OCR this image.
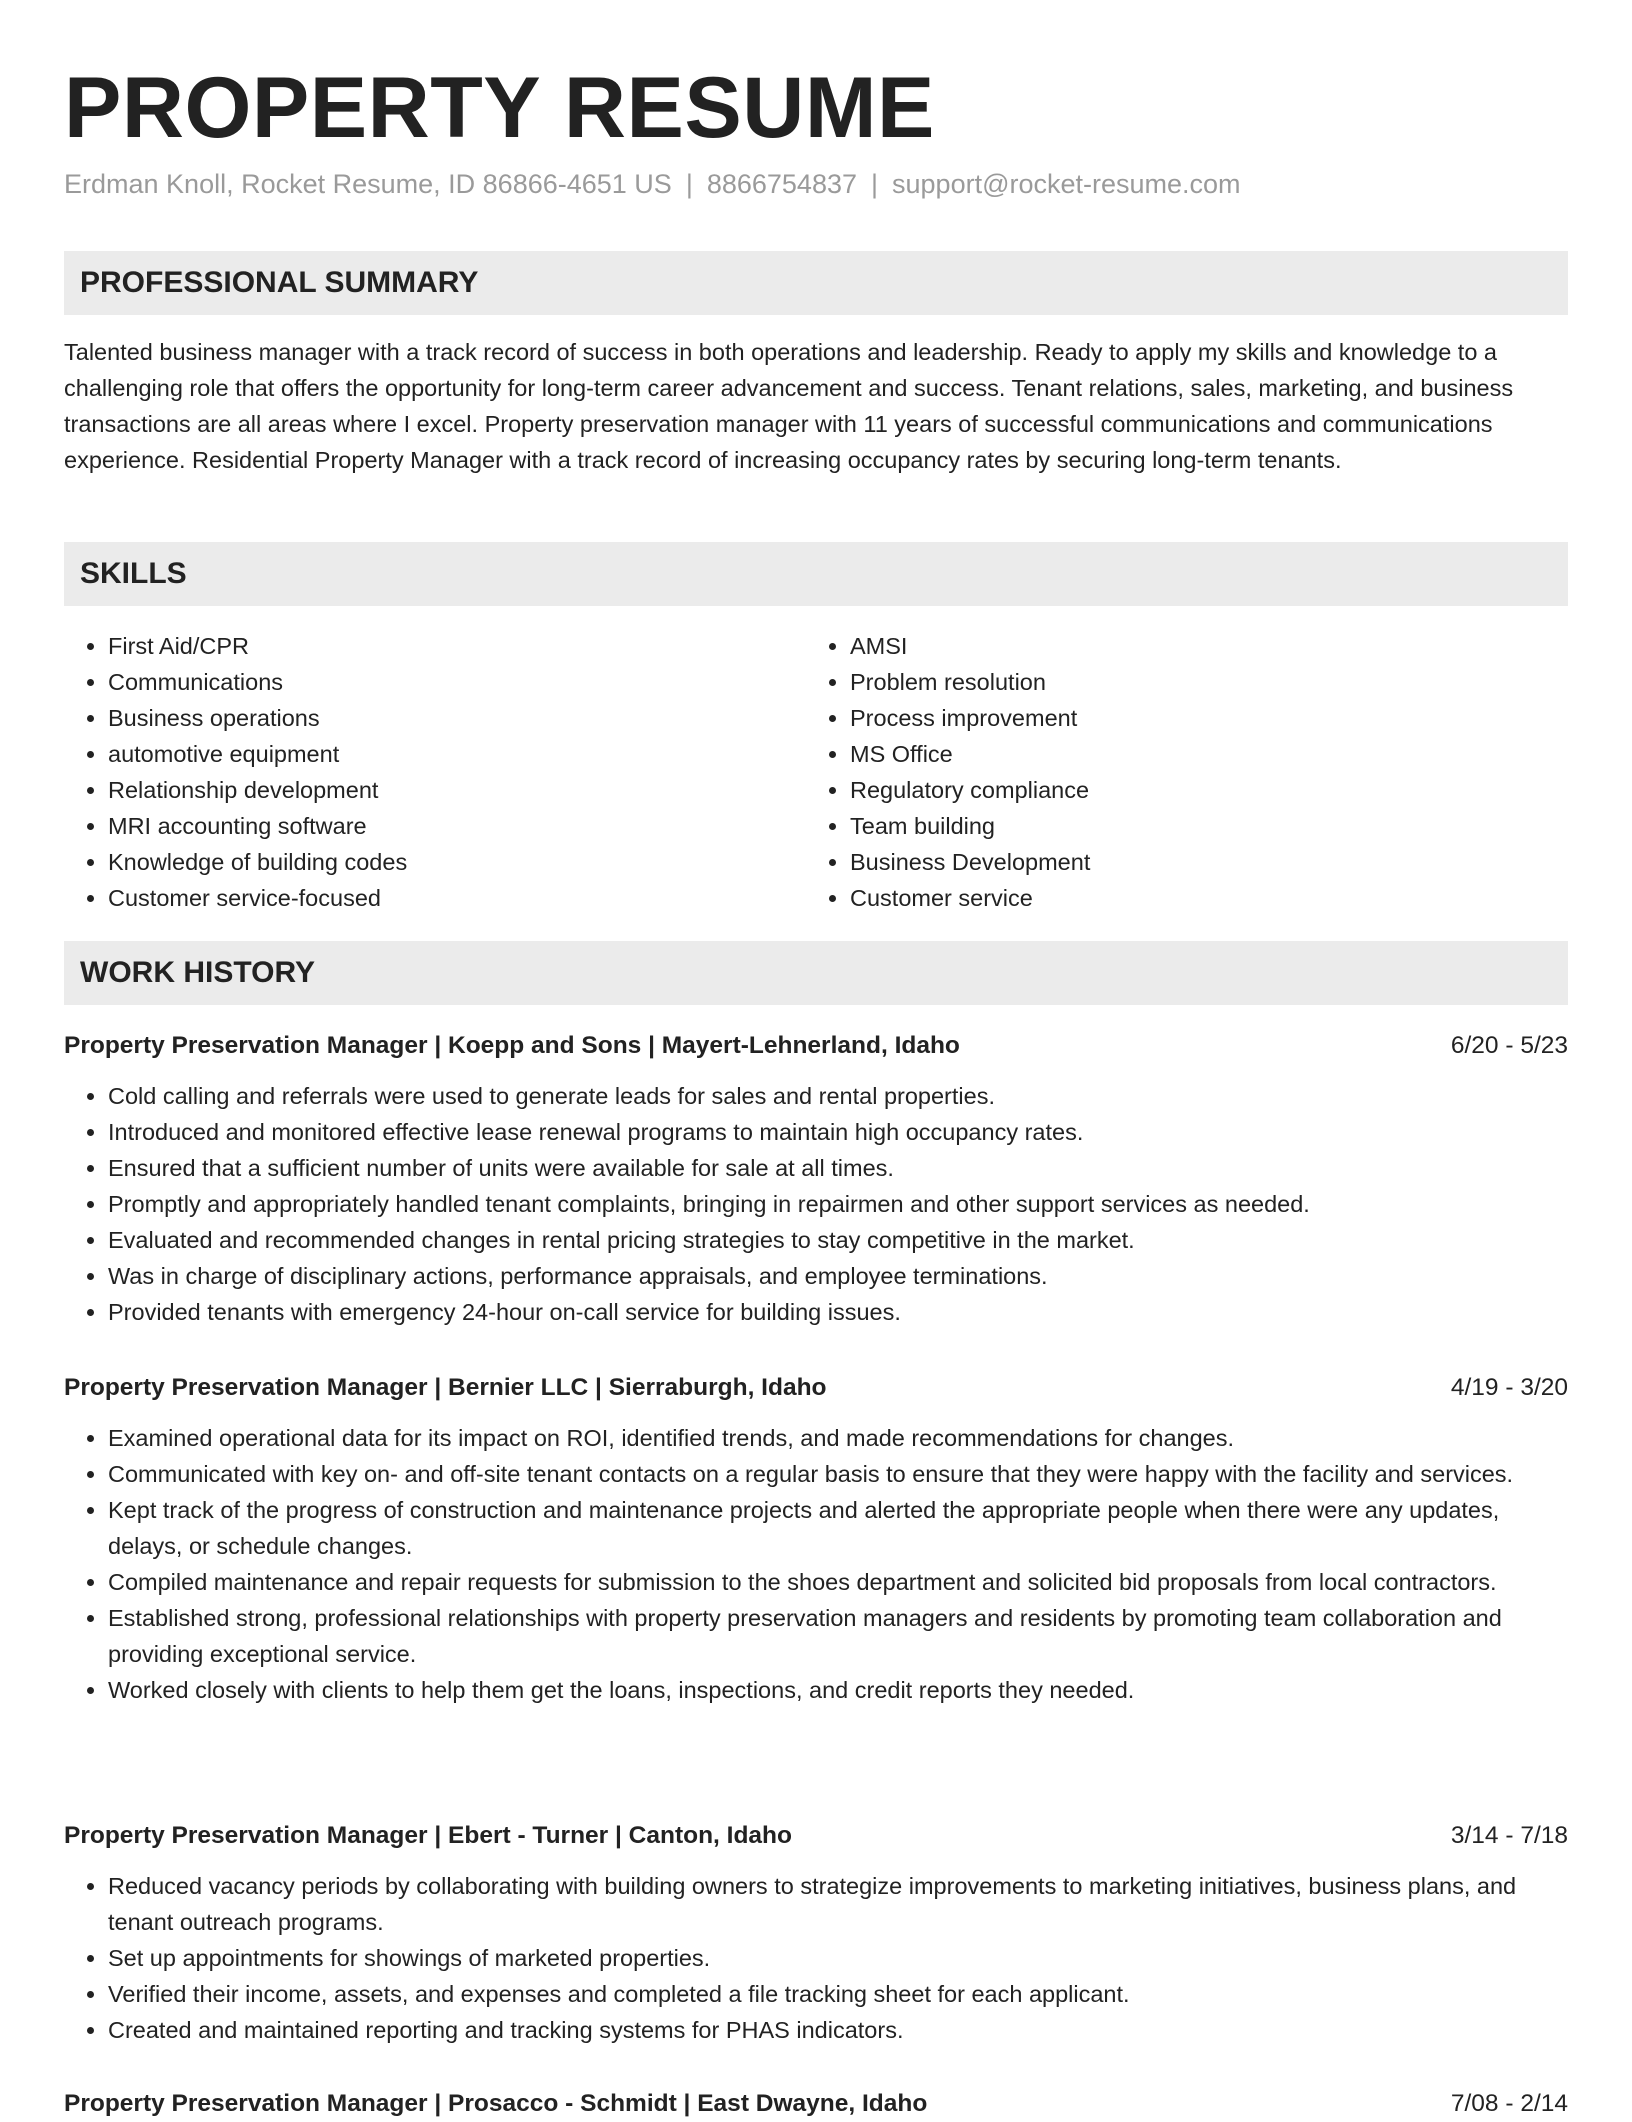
PROPERTY RESUME
Erdman Knoll, Rocket Resume, ID 86866-4651 US | 8866754837 | support@rocket-resume.com
PROFESSIONAL SUMMARY

Talented business manager with a track record of success in both operations and leadership. Ready to apply my skills and knowledge to a challenging role that offers the opportunity for long-term career advancement and success. Tenant relations, sales, marketing, and business transactions are all areas where I excel. Property preservation manager with 11 years of successful communications and communications experience. Residential Property Manager with a track record of increasing occupancy rates by securing long-term tenants.

SKILLS
• First Aid/CPR
• Communications
• Business operations
• automotive equipment
• Relationship development
• MRI accounting software
• Knowledge of building codes
• Customer service-focused
• AMSI
• Problem resolution
• Process improvement
• MS Office
• Regulatory compliance
• Team building
• Business Development
• Customer service
WORK HISTORY
Property Preservation Manager | Koepp and Sons | Mayert-Lehnerland, Idaho	6/20 - 5/23
• Cold calling and referrals were used to generate leads for sales and rental properties.
• Introduced and monitored effective lease renewal programs to maintain high occupancy rates.
• Ensured that a sufficient number of units were available for sale at all times.
• Promptly and appropriately handled tenant complaints, bringing in repairmen and other support services as needed.
• Evaluated and recommended changes in rental pricing strategies to stay competitive in the market.
• Was in charge of disciplinary actions, performance appraisals, and employee terminations.
• Provided tenants with emergency 24-hour on-call service for building issues.
Property Preservation Manager | Bernier LLC | Sierraburgh, Idaho	4/19 - 3/20
• Examined operational data for its impact on ROI, identified trends, and made recommendations for changes.
• Communicated with key on- and off-site tenant contacts on a regular basis to ensure that they were happy with the facility and services.
• Kept track of the progress of construction and maintenance projects and alerted the appropriate people when there were any updates, delays, or schedule changes.
• Compiled maintenance and repair requests for submission to the shoes department and solicited bid proposals from local contractors.
• Established strong, professional relationships with property preservation managers and residents by promoting team collaboration and providing exceptional service.
• Worked closely with clients to help them get the loans, inspections, and credit reports they needed.
Property Preservation Manager | Ebert - Turner | Canton, Idaho	3/14 - 7/18
• Reduced vacancy periods by collaborating with building owners to strategize improvements to marketing initiatives, business plans, and tenant outreach programs.
• Set up appointments for showings of marketed properties.
• Verified their income, assets, and expenses and completed a file tracking sheet for each applicant.
• Created and maintained reporting and tracking systems for PHAS indicators.
Property Preservation Manager | Prosacco - Schmidt | East Dwayne, Idaho	7/08 - 2/14
